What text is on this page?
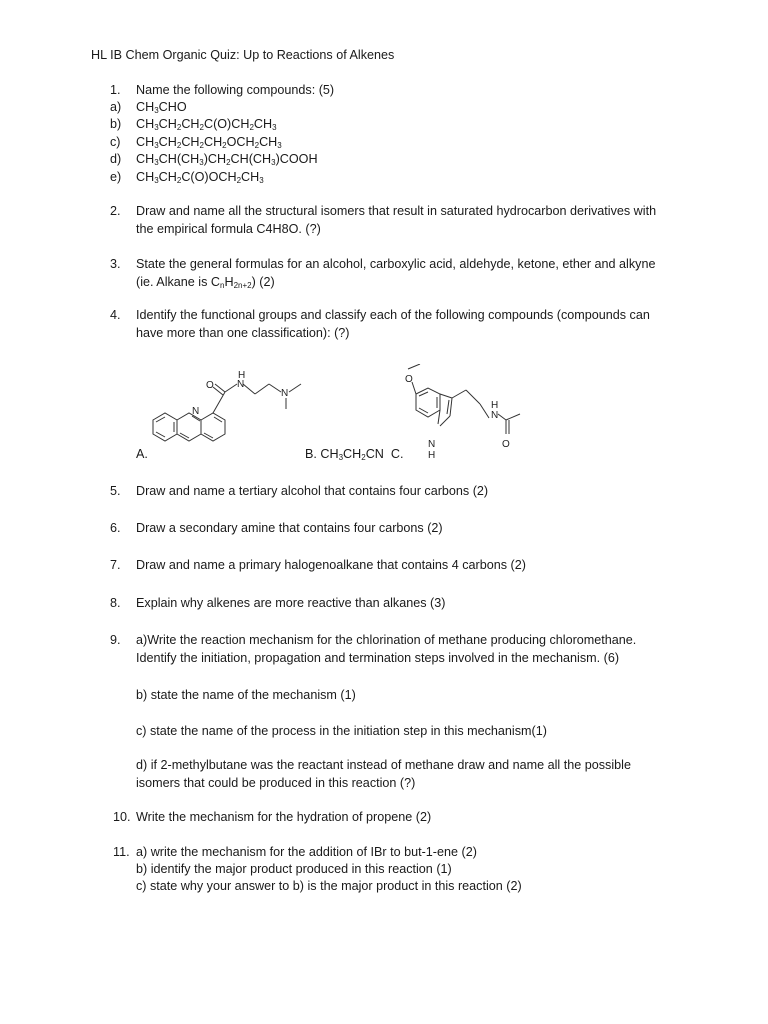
HL IB Chem Organic Quiz: Up to Reactions of Alkenes
1.	Name the following compounds: (5)
a) $CH_3CHO$
b) $CH_3CH_2CH_2C(O)CH_2CH_3$
c) $CH_3CH_2CH_2CH_2OCH_2CH_3$
d) $CH_3CH(CH_3)CH_2CH(CH_3)COOH$
e) $CH_3CH_2C(O)OCH_2CH_3$
2.	Draw and name all the structural isomers that result in saturated hydrocarbon derivatives with
the empirical formula C4H8O. (?)
3.	State the general formulas for an alcohol, carboxylic acid, aldehyde, ketone, ether and alkyne
(ie. Alkane is $C_nH_{2n+2}$) (2)
4.	Identify the functional groups and classify each of the following compounds (compounds can
have more than one classification): (?)
O
N
H
N
N
O
N
H
H
N
O
A.	B. $CH_3CH_2CN$ C.
5.	Draw and name a tertiary alcohol that contains four carbons (2)
6.	Draw a secondary amine that contains four carbons (2)
7.	Draw and name a primary halogenoalkane that contains 4 carbons (2)
8.	Explain why alkenes are more reactive than alkanes (3)
9.	a)Write the reaction mechanism for the chlorination of methane producing chloromethane.
Identify the initiation, propagation and termination steps involved in the mechanism. (6)
b) state the name of the mechanism (1)
c) state the name of the process in the initiation step in this mechanism(1)
d) if 2-methylbutane was the reactant instead of methane draw and name all the possible
isomers that could be produced in this reaction (?)
10. Write the mechanism for the hydration of propene (2)
11. a) write the mechanism for the addition of IBr to but-1-ene (2)
b) identify the major product produced in this reaction (1)
c) state why your answer to b) is the major product in this reaction (2)
